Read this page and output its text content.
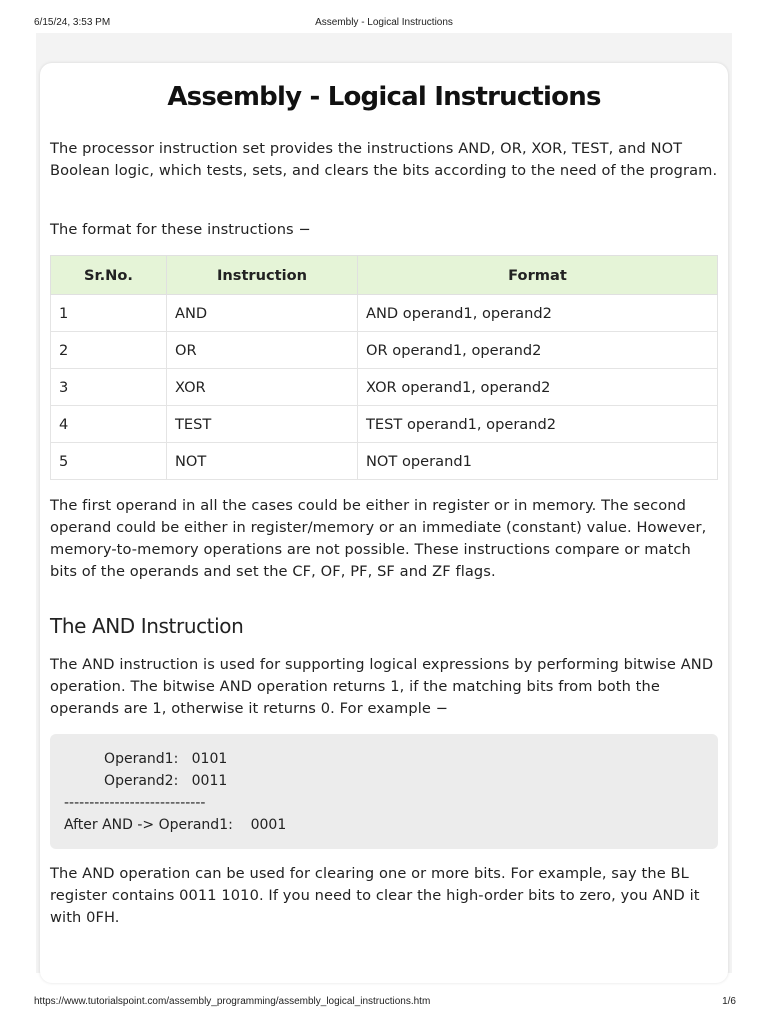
6/15/24, 3:53 PM	Assembly - Logical Instructions
Assembly - Logical Instructions

The processor instruction set provides the instructions AND, OR, XOR, TEST, and NOT Boolean logic, which tests, sets, and clears the bits according to the need of the program.

The format for these instructions −

Sr.No.	Instruction	Format
1	AND	AND operand1, operand2
2	OR	OR operand1, operand2
3	XOR	XOR operand1, operand2
4	TEST	TEST operand1, operand2
5	NOT	NOT operand1

The first operand in all the cases could be either in register or in memory. The second operand could be either in register/memory or an immediate (constant) value. However, memory-to-memory operations are not possible. These instructions compare or match bits of the operands and set the CF, OF, PF, SF and ZF flags.

The AND Instruction

The AND instruction is used for supporting logical expressions by performing bitwise AND operation. The bitwise AND operation returns 1, if the matching bits from both the operands are 1, otherwise it returns 0. For example −

Operand1:   0101
Operand2:   0011
----------------------------
After AND -> Operand1:    0001

The AND operation can be used for clearing one or more bits. For example, say the BL register contains 0011 1010. If you need to clear the high-order bits to zero, you AND it with 0FH.

https://www.tutorialspoint.com/assembly_programming/assembly_logical_instructions.htm	1/6
